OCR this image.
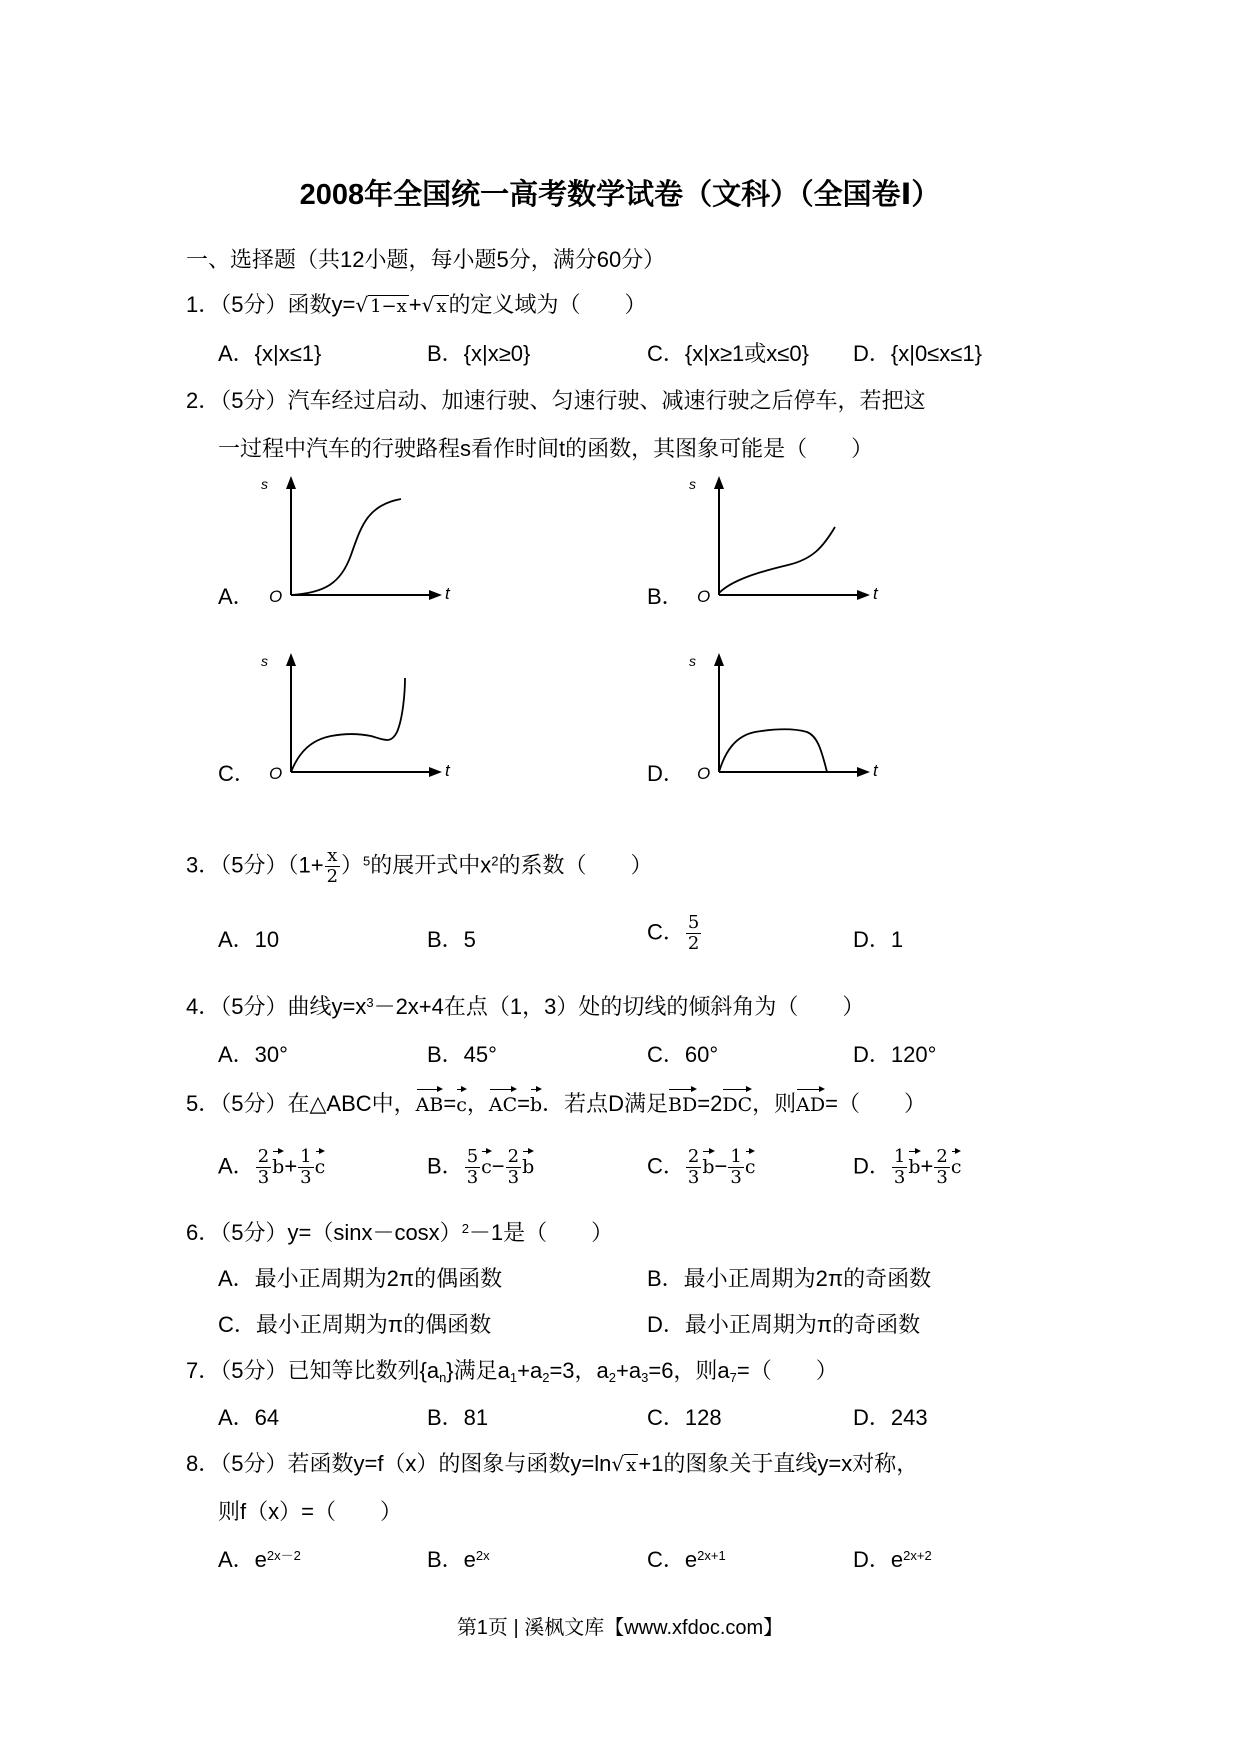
2008年全国统一高考数学试卷（文科）（全国卷Ⅰ）
一、选择题（共12小题，每小题5分，满分60分）
1．（5分）函数y=√ 1−x+√ x的定义域为（　　）
A．{x|x≤1}	B．{x|x≥0}	C．{x|x≥1或x≤0} D．{x|0≤x≤1}
2．（5分）汽车经过启动、加速行驶、匀速行驶、减速行驶之后停车，若把这
一过程中汽车的行驶路程s看作时间t的函数，其图象可能是（　　）
A．	B．
C．	D．
s
O	t
s
O	t
s
O	t
s
O	t
3．（5分）$(1+ \frac{x}{2} )^5$的展开式中$x^2$的系数（　　）
A．10	B．5	C． $\frac{5}{2}$	D．1
4．（5分）曲线$y=x^3-2x+4$在点（1，3）处的切线的倾斜角为（　　）
A．30°	B．45°	C．60°	D．120°
5．（5分）在△ABC中，AB=c，AC=b．若点D满足BD=2DC，则AD=（　　）
A． $\frac{2}{3} b+ \frac{1}{3}$ c	B． $\frac{5}{3} c- \frac{2}{3}$ b	C． $\frac{2}{3} b- \frac{1}{3}$ c	D． $\frac{1}{3} b+ \frac{2}{3}$ c
6．（5分）$y=(\sin x-\cos x)^2-1$是（　　）
A．最小正周期为2π的偶函数	B．最小正周期为2π的奇函数
C．最小正周期为π的偶函数	D．最小正周期为π的奇函数
7．（5分）已知等比数列$\{a_n\}$满足$a_1+a_2=3$，$a_2+a_3=6$，则$a_7=$（　　）
A．64	B．81	C．128	D．243
8．（5分）若函数y=f（x）的图象与函数y=ln√ x+1的图象关于直线y=x对称，
则f（x）=（　　）
A．$e^{2x-2}$	B．$e^{2x}$	C．$e^{2x+1}$	D．$e^{2x+2}$
第1页 | 溪枫文库【www.xfdoc.com】
